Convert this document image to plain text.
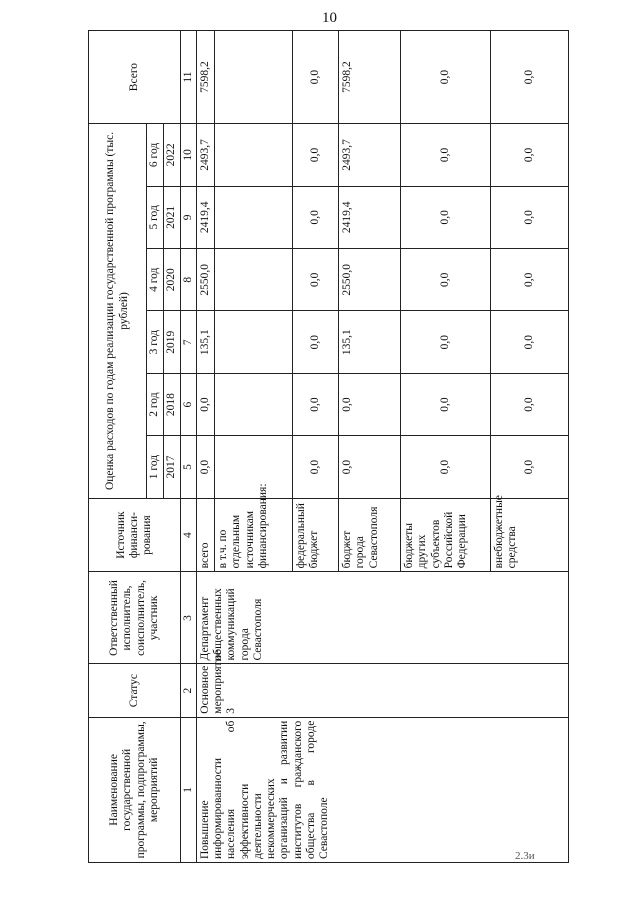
10
Наименование государственной программы, подпрограммы, мероприятий	Статус	Ответственный исполнитель, соисполнитель, участник	Источник финанси-рования	Оценка расходов по годам реализации государственной программы (тыс. рублей)						Всего
				1 год	2 год	3 год	4 год	5 год	6 год	
				2017	2018	2019	2020	2021	2022	
1	2	3	4	5	6	7	8	9	10	11
Повышение информированности населения об эффективности деятельности некоммерческих организаций и развитии институтов гражданского общества в городе Севастополе	Основное мероприятие 3	Департамент общественных коммуникаций города Севастополя	всего	0,0	0,0	135,1	2550,0	2419,4	2493,7	7598,2
			в т.ч. по отдельным источникам финансирования:							
			федеральный бюджет	0,0	0,0	0,0	0,0	0,0	0,0	0,0
			бюджет города Севастополя	0,0	0,0	135,1	2550,0	2419,4	2493,7	7598,2
			бюджеты других субъектов Российской Федерации	0,0	0,0	0,0	0,0	0,0	0,0	0,0
			внебюджетные средства	0,0	0,0	0,0	0,0	0,0	0,0	0,0
2.3и
